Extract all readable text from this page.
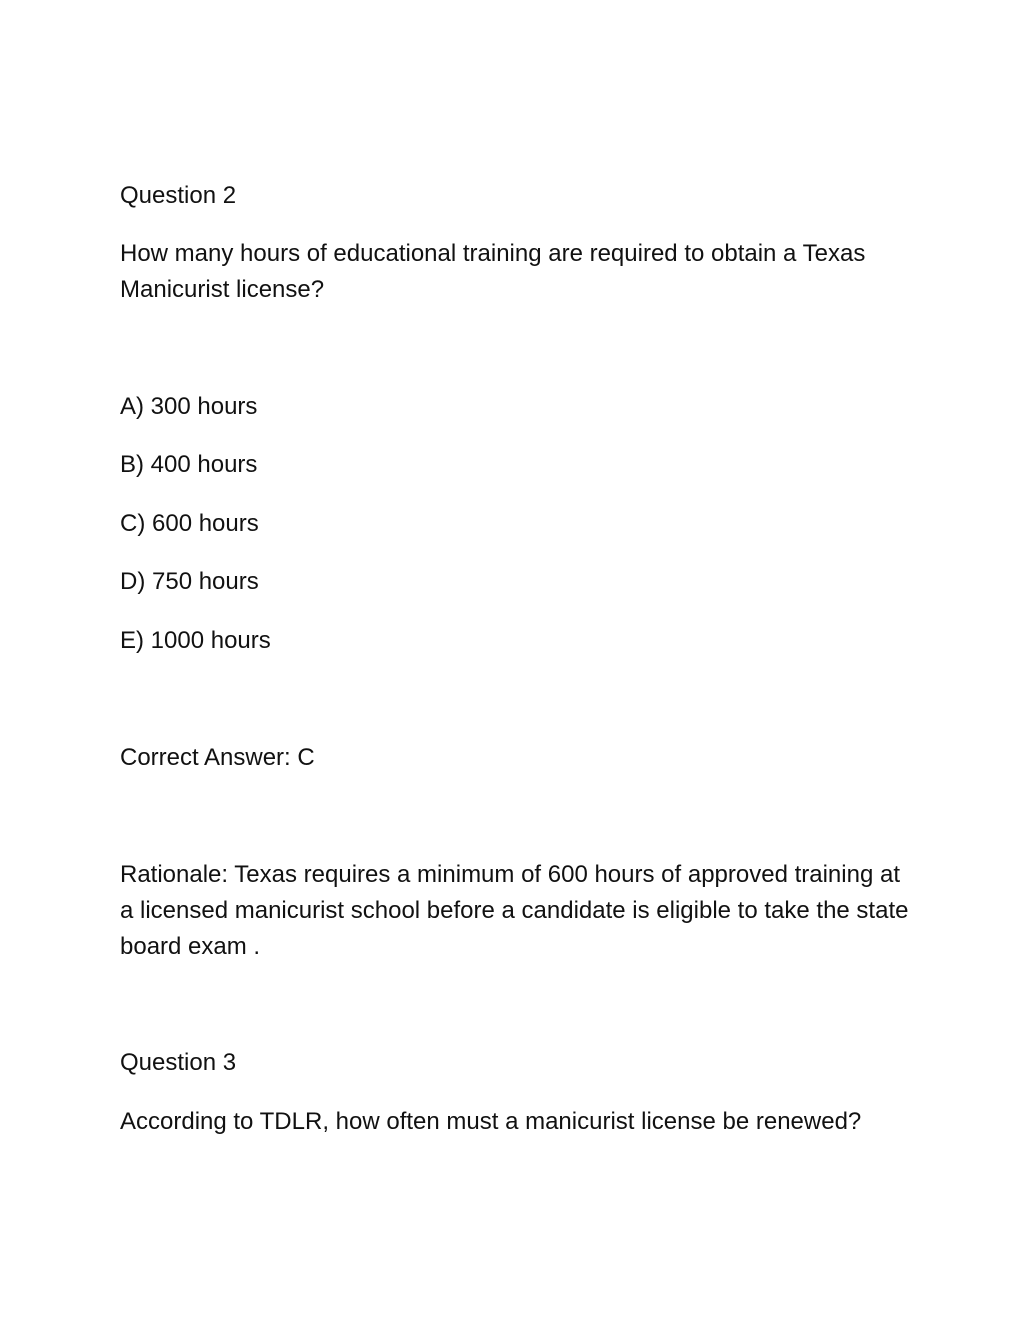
Question 2
How many hours of educational training are required to obtain a Texas Manicurist license?
A) 300 hours
B) 400 hours
C) 600 hours
D) 750 hours
E) 1000 hours
Correct Answer: C
Rationale: Texas requires a minimum of 600 hours of approved training at a licensed manicurist school before a candidate is eligible to take the state board exam .
Question 3
According to TDLR, how often must a manicurist license be renewed?
